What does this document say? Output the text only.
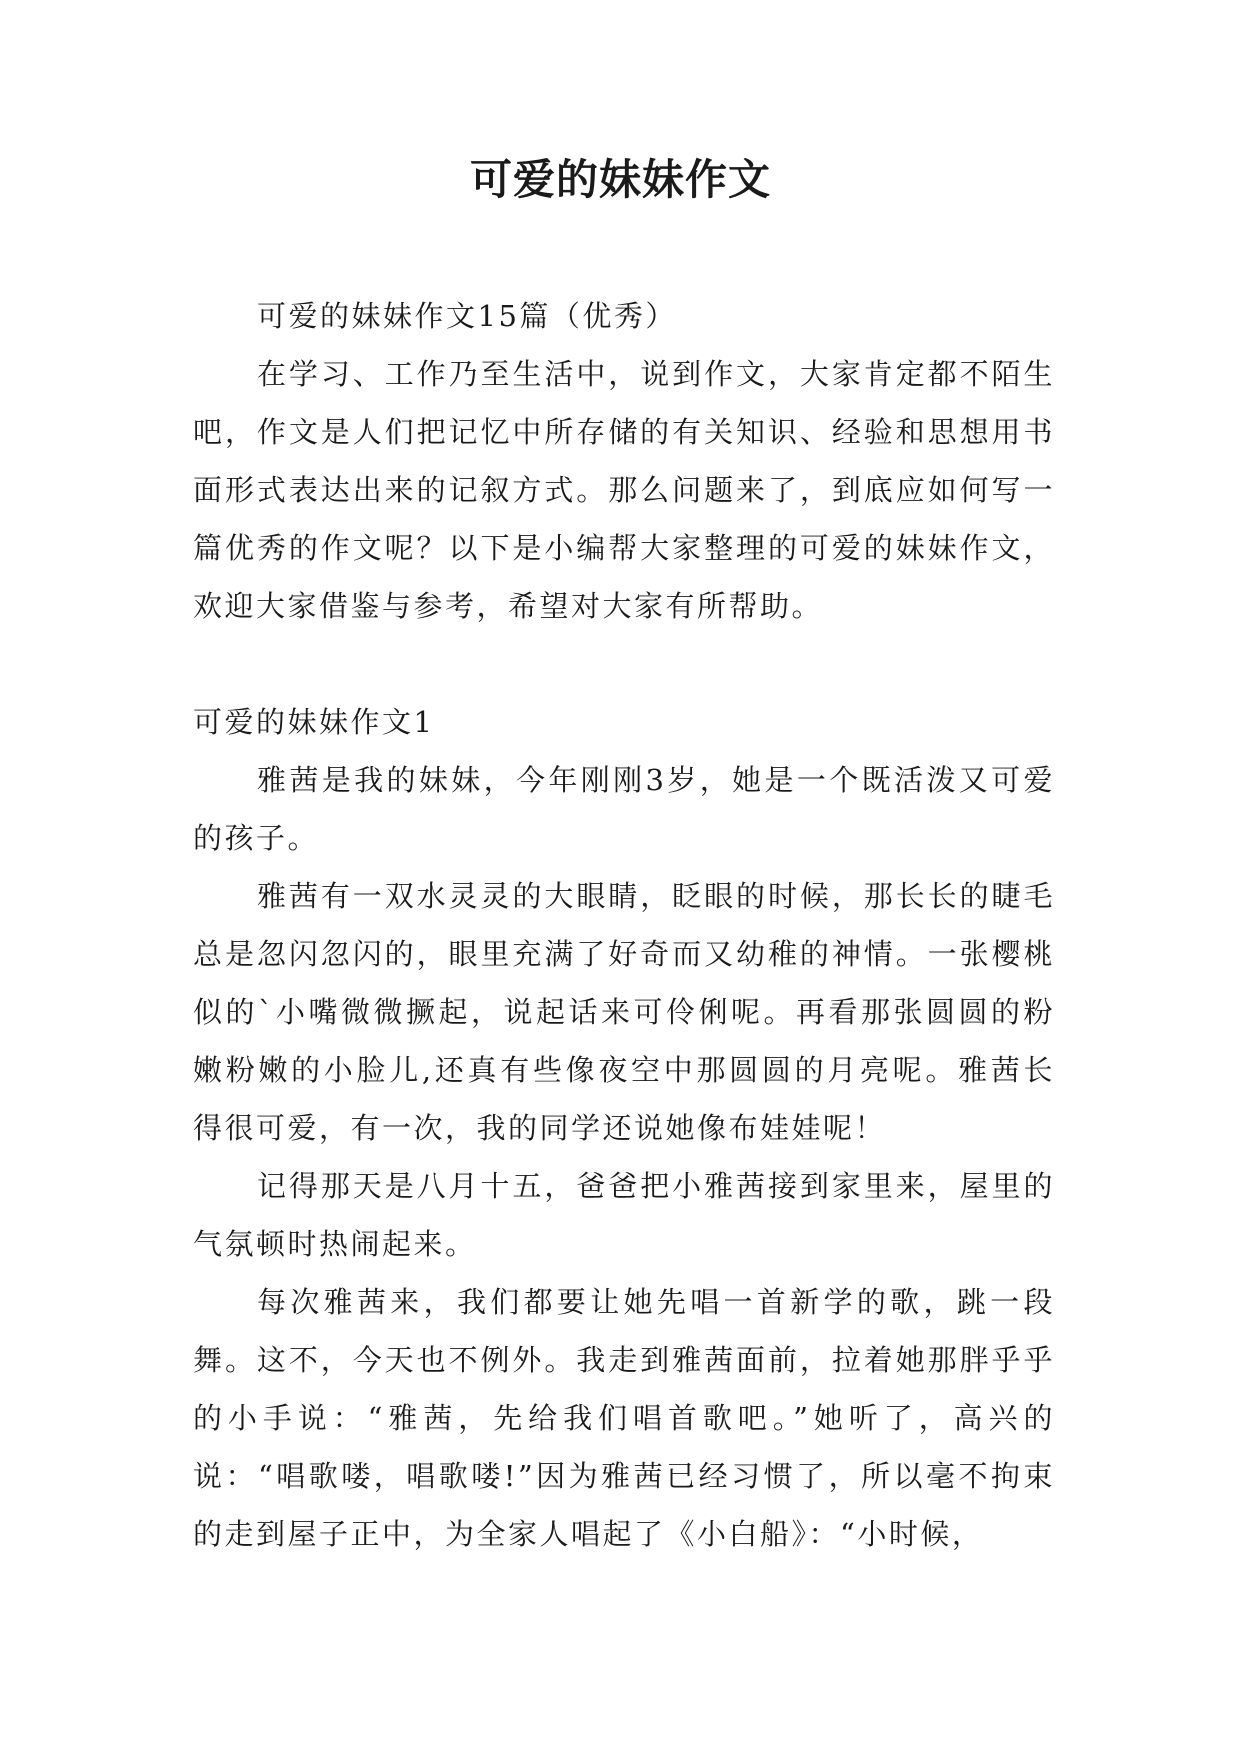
可爱的妹妹作文

可爱的妹妹作文15篇（优秀）

在学习、工作乃至生活中，说到作文，大家肯定都不陌生吧，作文是人们把记忆中所存储的有关知识、经验和思想用书面形式表达出来的记叙方式。那么问题来了，到底应如何写一篇优秀的作文呢？以下是小编帮大家整理的可爱的妹妹作文，欢迎大家借鉴与参考，希望对大家有所帮助。

可爱的妹妹作文1

雅茜是我的妹妹，今年刚刚3岁，她是一个既活泼又可爱的孩子。

雅茜有一双水灵灵的大眼睛，眨眼的时候，那长长的睫毛总是忽闪忽闪的，眼里充满了好奇而又幼稚的神情。一张樱桃似的`小嘴微微撅起，说起话来可伶俐呢。再看那张圆圆的粉嫩粉嫩的小脸儿,还真有些像夜空中那圆圆的月亮呢。雅茜长得很可爱，有一次，我的同学还说她像布娃娃呢！

记得那天是八月十五，爸爸把小雅茜接到家里来，屋里的气氛顿时热闹起来。

每次雅茜来，我们都要让她先唱一首新学的歌，跳一段舞。这不，今天也不例外。我走到雅茜面前，拉着她那胖乎乎的小手说：“雅茜，先给我们唱首歌吧。”她听了，高兴的说：“唱歌喽，唱歌喽!”因为雅茜已经习惯了，所以毫不拘束的走到屋子正中，为全家人唱起了《小白船》：“小时候，
